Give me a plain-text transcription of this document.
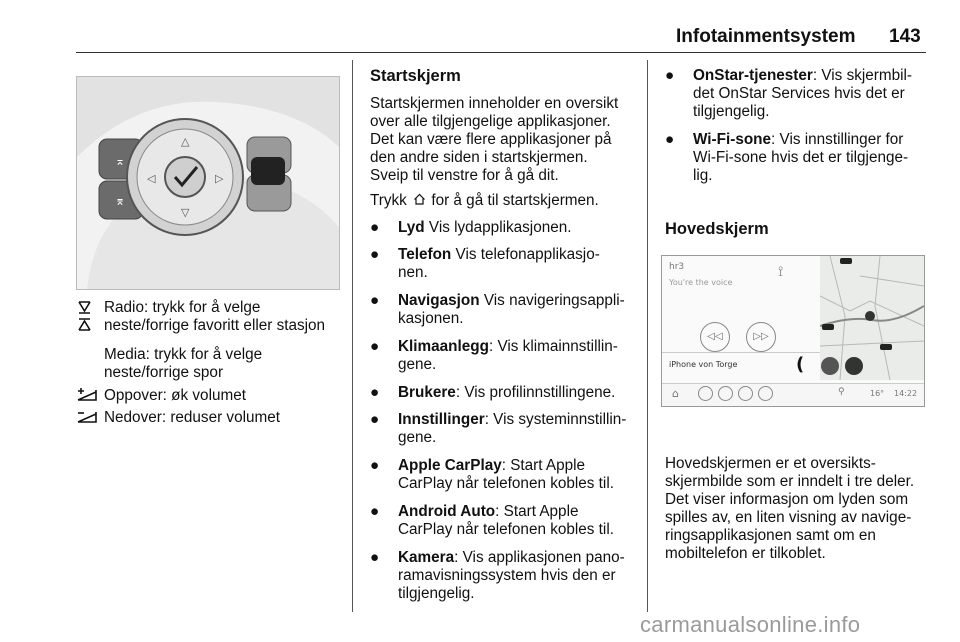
Infotainmentsystem 143
△
▽
◁	▷
⌅
⌆
Radio: trykk for å velge
neste/forrige favoritt eller stasjon
Media: trykk for å velge
neste/forrige spor
Oppover: øk volumet
Nedover: reduser volumet
Startskjerm
Startskjermen inneholder en oversikt
over alle tilgjengelige applikasjoner.
Det kan være flere applikasjoner på
den andre siden i startskjermen.
Sveip til venstre for å gå dit.
Trykk for å gå til startskjermen.
● Lyd Vis lydapplikasjonen.
● Telefon Vis telefonapplikasjo-
nen.
● Navigasjon Vis navigeringsappli-
kasjonen.
● Klimaanlegg: Vis klimainnstillin-
gene.
● Brukere: Vis profilinnstillingene.
● Innstillinger: Vis systeminnstillin-
gene.
● Apple CarPlay: Start Apple
CarPlay når telefonen kobles til.
● Android Auto: Start Apple
CarPlay når telefonen kobles til.
● Kamera: Vis applikasjonen pano-
ramavisningssystem hvis den er
tilgjengelig.
● OnStar-tjenester: Vis skjermbil-
det OnStar Services hvis det er
tilgjengelig.
● Wi-Fi-sone: Vis innstillinger for
Wi-Fi-sone hvis det er tilgjenge-
lig.
Hovedskjerm
hr3
You're the voice
⟟
◁◁	▷▷
iPhone von Torge	(
⌂	⚲	16° 14:22
Hovedskjermen er et oversikts-
skjermbilde som er inndelt i tre deler.
Det viser informasjon om lyden som
spilles av, en liten visning av navige-
ringsapplikasjonen samt om en
mobiltelefon er tilkoblet.
carmanualsonline.info
